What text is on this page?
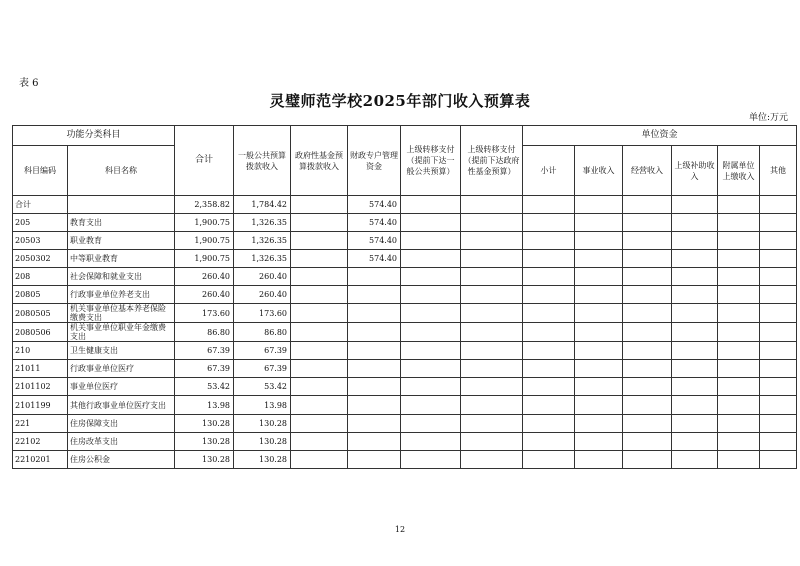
表 6
灵璧师范学校2025年部门收入预算表
单位:万元
功能分类科目		合计	一般公共预算拨款收入	政府性基金预算拨款收入	财政专户管理资金	上级转移支付（提前下达一般公共预算）	上级转移支付（提前下达政府性基金预算）	单位资金					
科目编码	科目名称							小计	事业收入	经营收入	上级补助收入	附属单位上缴收入	其他
合计		2,358.82	1,784.42		574.40								
205	教育支出	1,900.75	1,326.35		574.40								
20503	职业教育	1,900.75	1,326.35		574.40								
2050302	中等职业教育	1,900.75	1,326.35		574.40								
208	社会保障和就业支出	260.40	260.40										
20805	行政事业单位养老支出	260.40	260.40										
2080505	机关事业单位基本养老保险缴费支出	173.60	173.60										
2080506	机关事业单位职业年金缴费支出	86.80	86.80										
210	卫生健康支出	67.39	67.39										
21011	行政事业单位医疗	67.39	67.39										
2101102	事业单位医疗	53.42	53.42										
2101199	其他行政事业单位医疗支出	13.98	13.98										
221	住房保障支出	130.28	130.28										
22102	住房改革支出	130.28	130.28										
2210201	住房公积金	130.28	130.28										
12
